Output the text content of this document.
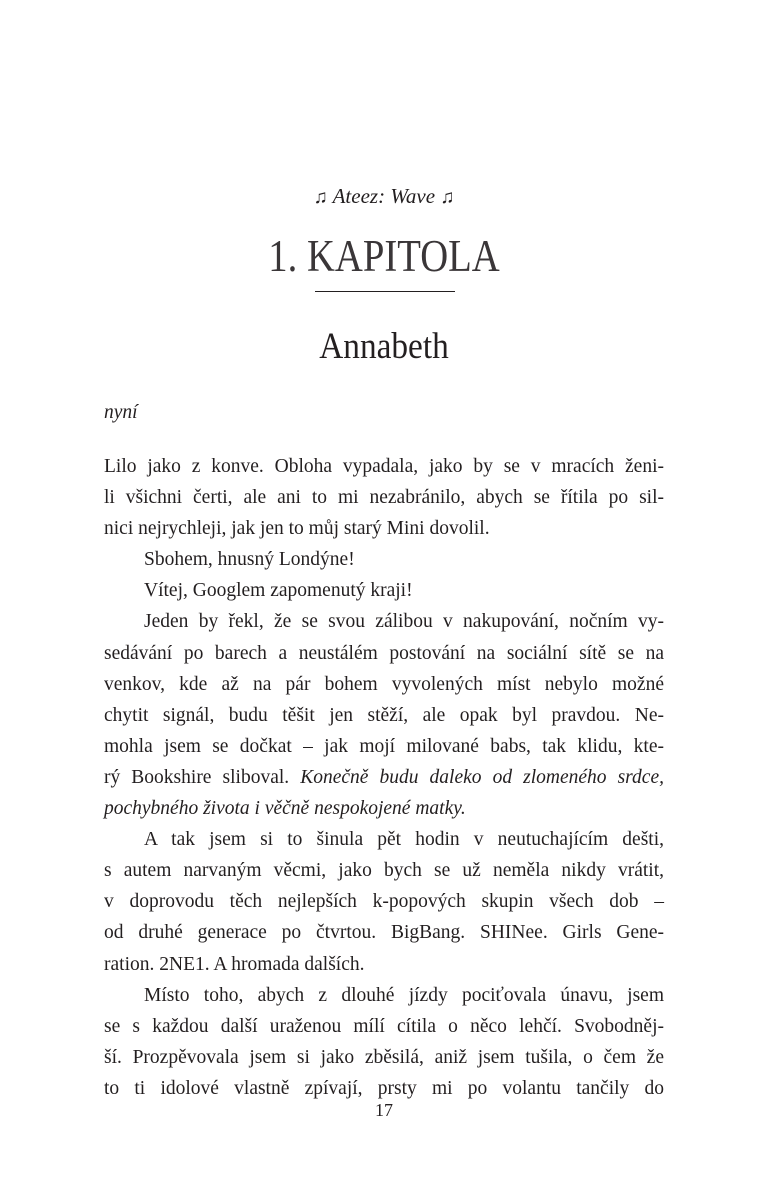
♫ Ateez: Wave ♫
1. KAPITOLA
Annabeth
nyní
Lilo jako z konve. Obloha vypadala, jako by se v mracích ženi-
li všichni čerti, ale ani to mi nezabránilo, abych se řítila po sil-
nici nejrychleji, jak jen to můj starý Mini dovolil.
Sbohem, hnusný Londýne!
Vítej, Googlem zapomenutý kraji!
Jeden by řekl, že se svou zálibou v nakupování, nočním vy-
sedávání po barech a neustálém postování na sociální sítě se na
venkov, kde až na pár bohem vyvolených míst nebylo možné
chytit signál, budu těšit jen stěží, ale opak byl pravdou. Ne-
mohla jsem se dočkat – jak mojí milované babs, tak klidu, kte-
rý Bookshire sliboval. Konečně budu daleko od zlomeného srdce,
pochybného života i věčně nespokojené matky.
A tak jsem si to šinula pět hodin v neutuchajícím dešti,
s autem narvaným věcmi, jako bych se už neměla nikdy vrátit,
v doprovodu těch nejlepších k-popových skupin všech dob –
od druhé generace po čtvrtou. BigBang. SHINee. Girls Gene-
ration. 2NE1. A hromada dalších.
Místo toho, abych z dlouhé jízdy pociťovala únavu, jsem
se s každou další uraženou mílí cítila o něco lehčí. Svobodněj-
ší. Prozpěvovala jsem si jako zběsilá, aniž jsem tušila, o čem že
to ti idolové vlastně zpívají, prsty mi po volantu tančily do
17
